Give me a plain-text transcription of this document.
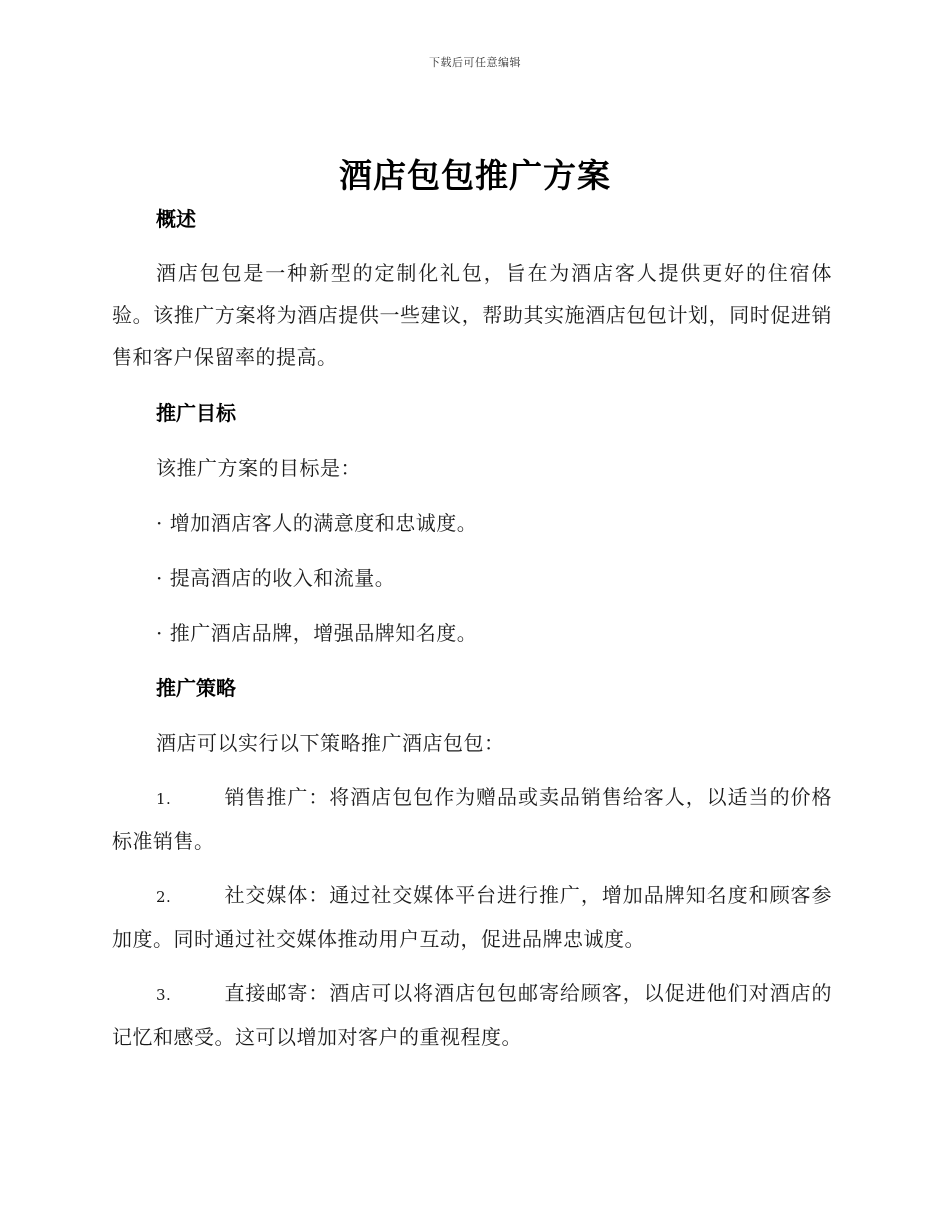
下载后可任意编辑
酒店包包推广方案
概述
酒店包包是一种新型的定制化礼包，旨在为酒店客人提供更好的住宿体验。该推广方案将为酒店提供一些建议，帮助其实施酒店包包计划，同时促进销售和客户保留率的提高。
推广目标
该推广方案的目标是：
· 增加酒店客人的满意度和忠诚度。
· 提高酒店的收入和流量。
· 推广酒店品牌，增强品牌知名度。
推广策略
酒店可以实行以下策略推广酒店包包：
1.	销售推广：将酒店包包作为赠品或卖品销售给客人，以适当的价格标准销售。
2.	社交媒体：通过社交媒体平台进行推广，增加品牌知名度和顾客参加度。同时通过社交媒体推动用户互动，促进品牌忠诚度。
3.	直接邮寄：酒店可以将酒店包包邮寄给顾客，以促进他们对酒店的记忆和感受。这可以增加对客户的重视程度。
